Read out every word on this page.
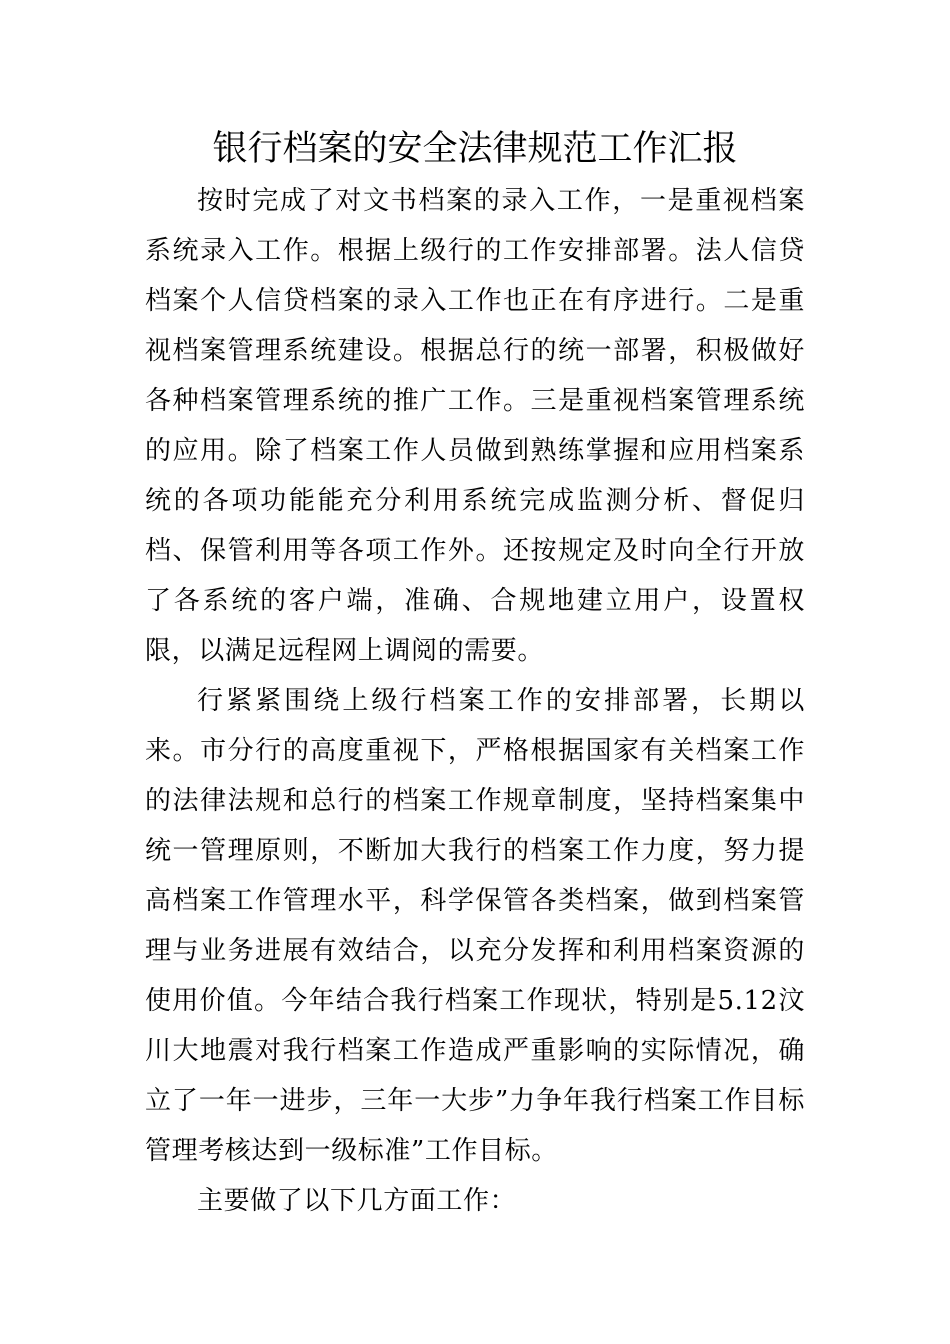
银行档案的安全法律规范工作汇报

按时完成了对文书档案的录入工作，一是重视档案系统录入工作。根据上级行的工作安排部署。法人信贷档案个人信贷档案的录入工作也正在有序进行。二是重视档案管理系统建设。根据总行的统一部署，积极做好各种档案管理系统的推广工作。三是重视档案管理系统的应用。除了档案工作人员做到熟练掌握和应用档案系统的各项功能能充分利用系统完成监测分析、督促归档、保管利用等各项工作外。还按规定及时向全行开放了各系统的客户端，准确、合规地建立用户，设置权限，以满足远程网上调阅的需要。

行紧紧围绕上级行档案工作的安排部署，长期以来。市分行的高度重视下，严格根据国家有关档案工作的法律法规和总行的档案工作规章制度，坚持档案集中统一管理原则，不断加大我行的档案工作力度，努力提高档案工作管理水平，科学保管各类档案，做到档案管理与业务进展有效结合，以充分发挥和利用档案资源的使用价值。今年结合我行档案工作现状，特别是5.12汶川大地震对我行档案工作造成严重影响的实际情况，确立了一年一进步，三年一大步”力争年我行档案工作目标管理考核达到一级标准”工作目标。

主要做了以下几方面工作：
